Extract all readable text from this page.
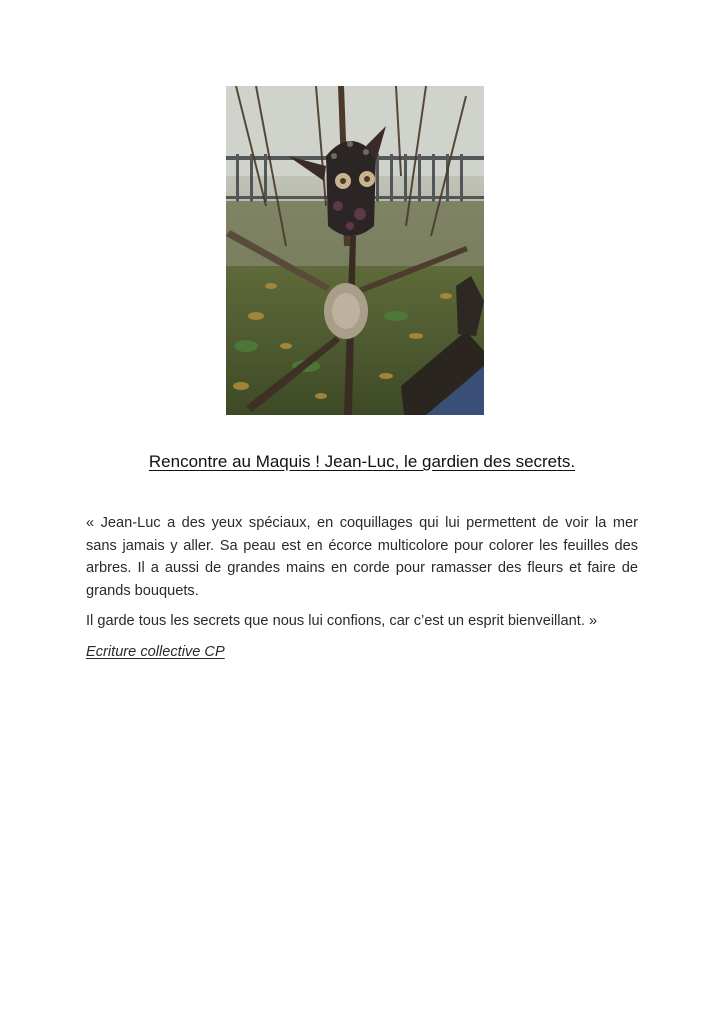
Rencontre au Maquis ! Jean-Luc, le gardien des secrets.

« Jean-Luc a des yeux spéciaux, en coquillages qui lui permettent de voir la mer sans jamais y aller. Sa peau est en écorce multicolore pour colorer les feuilles des arbres. Il a aussi de grandes mains en corde pour ramasser des fleurs et faire de grands bouquets.

Il garde tous les secrets que nous lui confions, car c’est un esprit bienveillant. »

Ecriture collective CP
